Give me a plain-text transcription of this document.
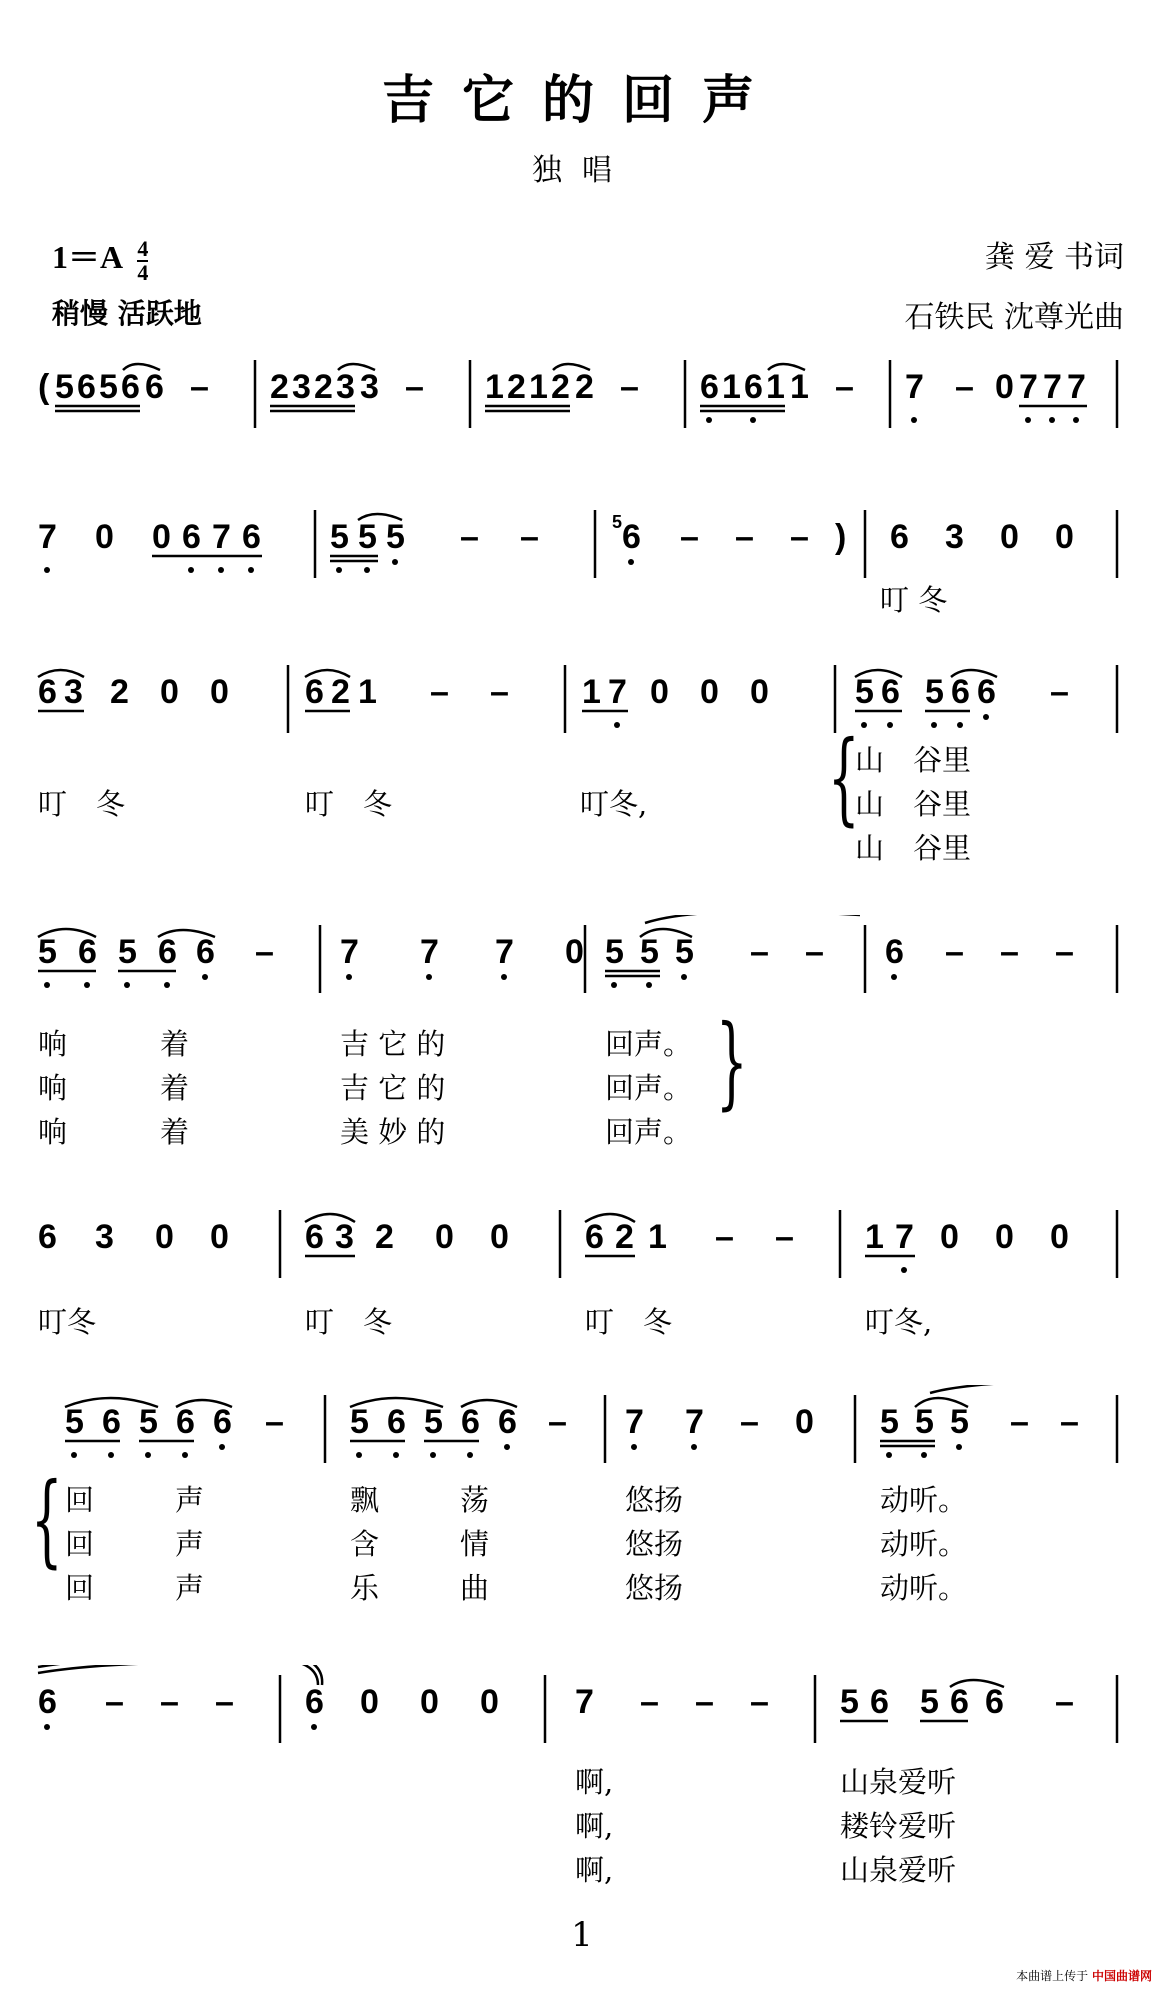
吉它的回声
独唱
$1=A \frac{4}{4}$
稍慢 活跃地
龚 爱 书词
石铁民 沈尊光曲
( 5 6 5 6 6 – 2 3 2 3 3 – 1 2 1 2 2 – 6 1 6 1 1 – 7 – 0 7 7 7
7 0 0 6 7 6 5 5 5 – –	5 6 – – – ) 6 3 0 0
叮 冬
6 3 2 0 0 6 2 1 – – 1 7 0 0 0	5 6 5 6 6 –
叮　冬	叮　冬	叮冬, {
山　谷里
山　谷里
山　谷里
5 6 5 6 6 – 7 7 7 0 5 5 5 – – 6 – – –
响	着	吉 它 的	回声。
响	着	吉 它 的	回声。
响	着	美 妙 的	回声。
}
6 3 0 0 6 3 2 0 0 6 2 1 – – 1 7 0 0 0
叮冬	叮　冬	叮　冬	叮冬,
5 6 5 6 6 – 5 6 5 6 6 – 7 7 – 0 5 5 5 – –
{ 回	声	飘	荡	悠扬	动听。
回	声	含	情	悠扬	动听。
回	声	乐	曲	悠扬	动听。
6 – – – 6 0 0 0 7 – – – 5 6 5 6 6 –
啊,	山泉爱听
啊,	耧铃爱听
啊,	山泉爱听
1
本曲谱上传于 中国曲谱网
